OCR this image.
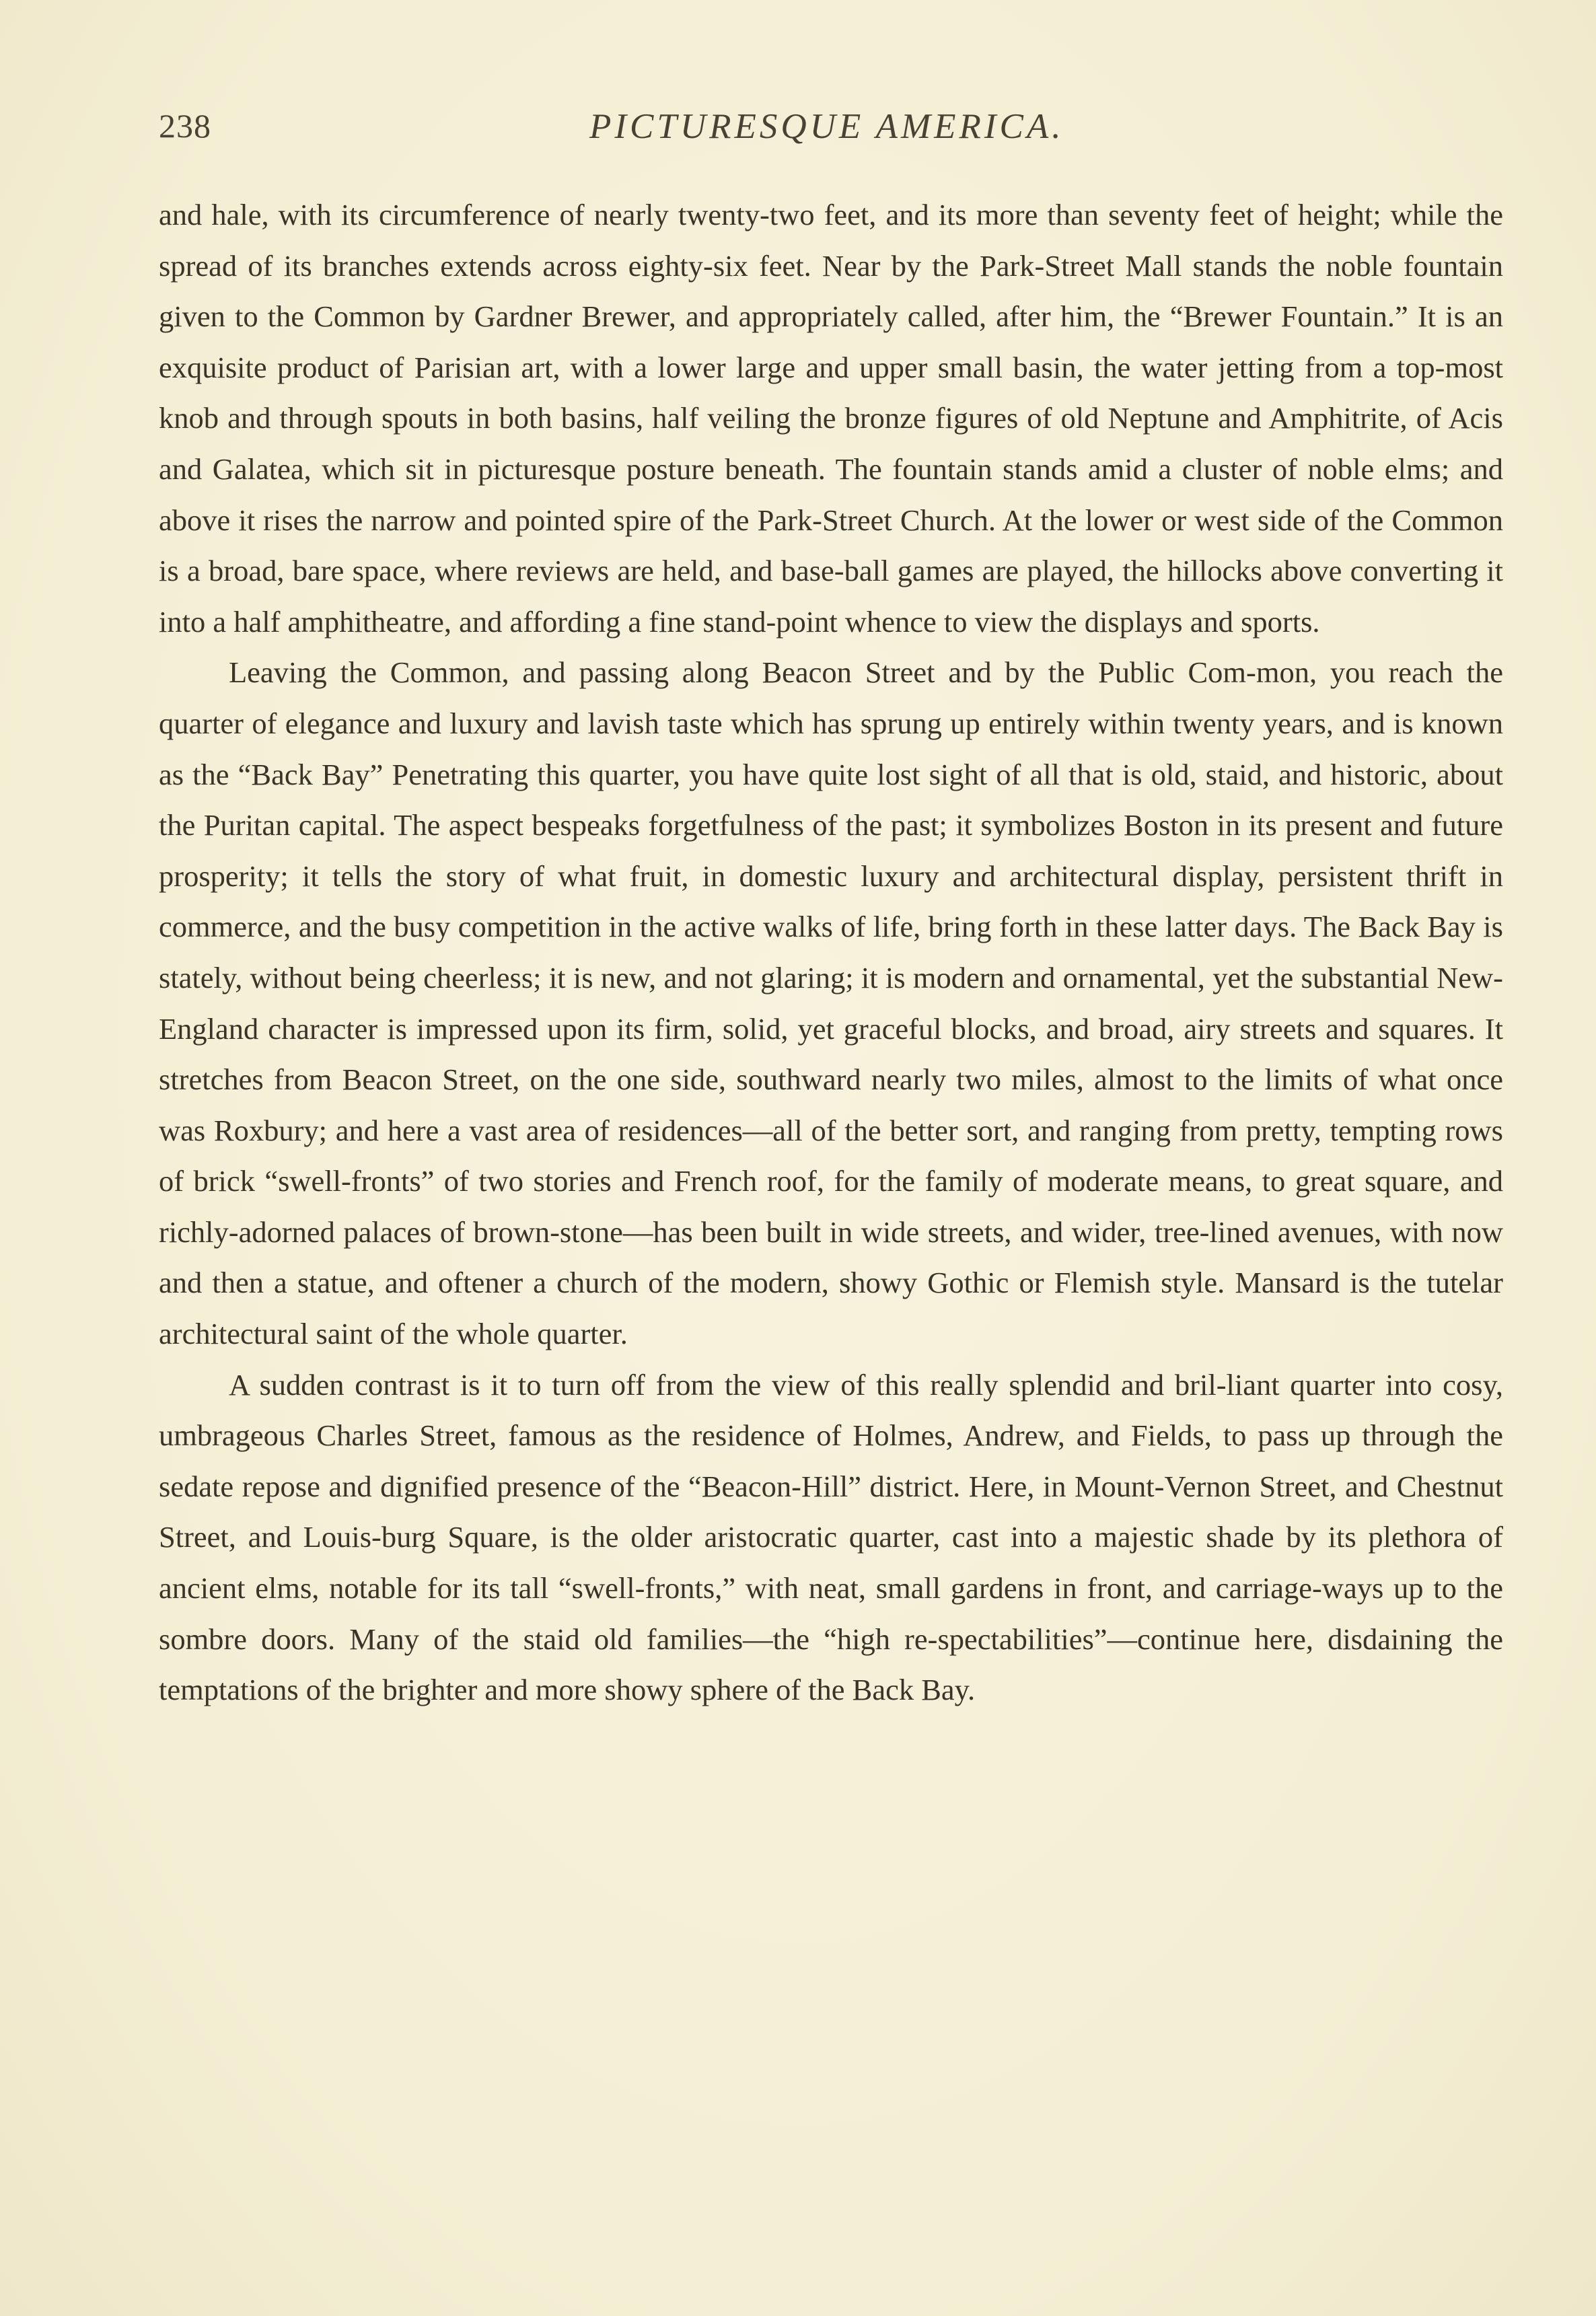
238	PICTURESQUE AMERICA.

and hale, with its circumference of nearly twenty-two feet, and its more than seventy feet of height; while the spread of its branches extends across eighty-six feet. Near by the Park-Street Mall stands the noble fountain given to the Common by Gardner Brewer, and appropriately called, after him, the “Brewer Fountain.” It is an exquisite product of Parisian art, with a lower large and upper small basin, the water jetting from a top-most knob and through spouts in both basins, half veiling the bronze figures of old Neptune and Amphitrite, of Acis and Galatea, which sit in picturesque posture beneath. The fountain stands amid a cluster of noble elms; and above it rises the narrow and pointed spire of the Park-Street Church. At the lower or west side of the Common is a broad, bare space, where reviews are held, and base-ball games are played, the hillocks above converting it into a half amphitheatre, and affording a fine stand-point whence to view the displays and sports.

Leaving the Common, and passing along Beacon Street and by the Public Com-mon, you reach the quarter of elegance and luxury and lavish taste which has sprung up entirely within twenty years, and is known as the “Back Bay” Penetrating this quarter, you have quite lost sight of all that is old, staid, and historic, about the Puritan capital. The aspect bespeaks forgetfulness of the past; it symbolizes Boston in its present and future prosperity; it tells the story of what fruit, in domestic luxury and architectural display, persistent thrift in commerce, and the busy competition in the active walks of life, bring forth in these latter days. The Back Bay is stately, without being cheerless; it is new, and not glaring; it is modern and ornamental, yet the substantial New-England character is impressed upon its firm, solid, yet graceful blocks, and broad, airy streets and squares. It stretches from Beacon Street, on the one side, southward nearly two miles, almost to the limits of what once was Roxbury; and here a vast area of residences—all of the better sort, and ranging from pretty, tempting rows of brick “swell-fronts” of two stories and French roof, for the family of moderate means, to great square, and richly-adorned palaces of brown-stone—has been built in wide streets, and wider, tree-lined avenues, with now and then a statue, and oftener a church of the modern, showy Gothic or Flemish style. Mansard is the tutelar architectural saint of the whole quarter.

A sudden contrast is it to turn off from the view of this really splendid and bril-liant quarter into cosy, umbrageous Charles Street, famous as the residence of Holmes, Andrew, and Fields, to pass up through the sedate repose and dignified presence of the “Beacon-Hill” district. Here, in Mount-Vernon Street, and Chestnut Street, and Louis-burg Square, is the older aristocratic quarter, cast into a majestic shade by its plethora of ancient elms, notable for its tall “swell-fronts,” with neat, small gardens in front, and carriage-ways up to the sombre doors. Many of the staid old families—the “high re-spectabilities”—continue here, disdaining the temptations of the brighter and more showy sphere of the Back Bay.
